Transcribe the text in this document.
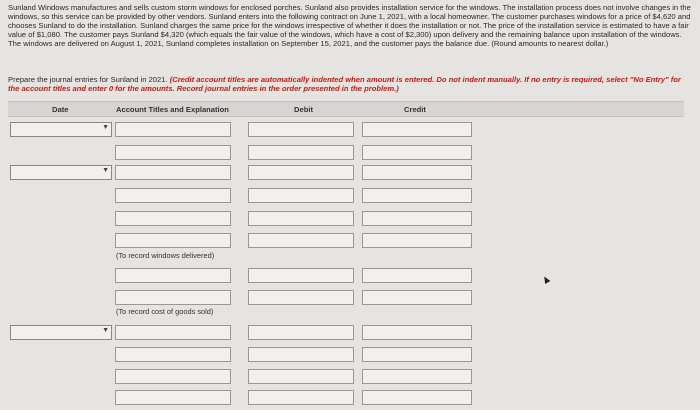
Sunland Windows manufactures and sells custom storm windows for enclosed porches. Sunland also provides installation service for the windows. The installation process does not involve changes in the windows, so this service can be provided by other vendors. Sunland enters into the following contract on June 1, 2021, with a local homeowner. The customer purchases windows for a price of $4,620 and chooses Sunland to do the installation. Sunland charges the same price for the windows irrespective of whether it does the installation or not. The price of the installation service is estimated to have a fair value of $1,080. The customer pays Sunland $4,320 (which equals the fair value of the windows, which have a cost of $2,300) upon delivery and the remaining balance upon installation of the windows. The windows are delivered on August 1, 2021, Sunland completes installation on September 15, 2021, and the customer pays the balance due. (Round amounts to nearest dollar.)
Prepare the journal entries for Sunland in 2021. (Credit account titles are automatically indented when amount is entered. Do not indent manually. If no entry is required, select "No Entry" for the account titles and enter 0 for the amounts. Record journal entries in the order presented in the problem.)
Date	Account Titles and Explanation	Debit	Credit
▼
▼
(To record windows delivered)
(To record cost of goods sold)
▼
